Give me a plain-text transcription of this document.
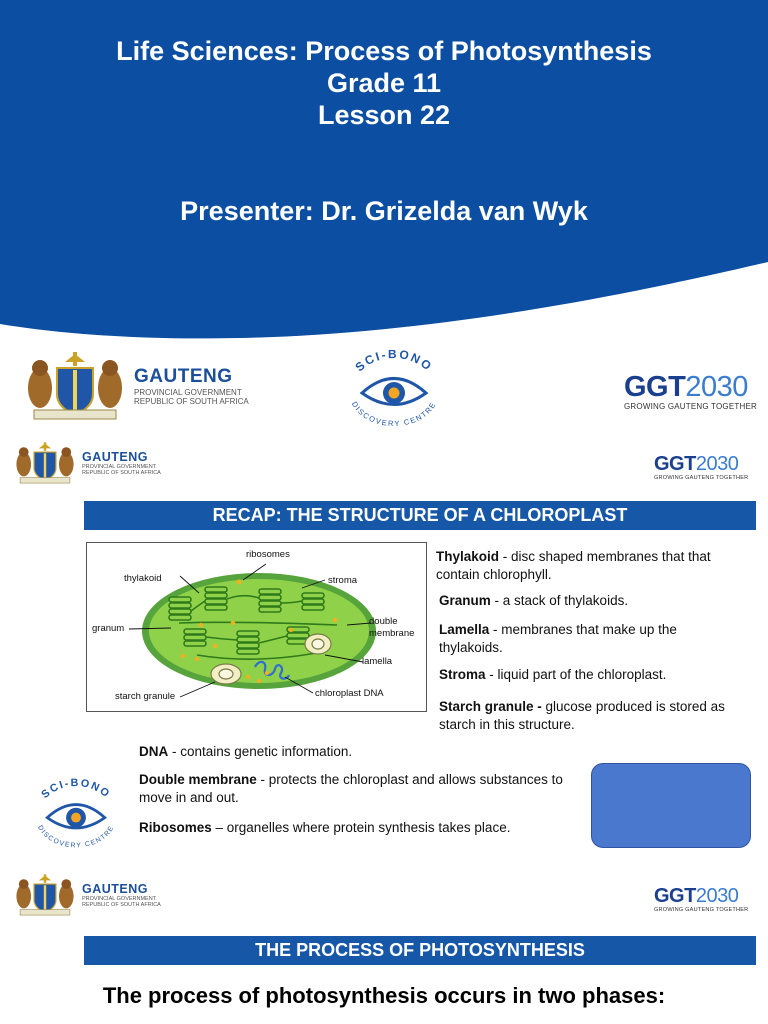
Life Sciences: Process of Photosynthesis
Grade 11
Lesson 22
Presenter: Dr. Grizelda van Wyk
GAUTENG
PROVINCIAL GOVERNMENT
REPUBLIC OF SOUTH AFRICA
SCI-BONO
DISCOVERY CENTRE
GGT2030
GROWING GAUTENG TOGETHER
GAUTENG
PROVINCIAL GOVERNMENT
REPUBLIC OF SOUTH AFRICA	GGT2030
GROWING GAUTENG TOGETHER
RECAP: THE STRUCTURE OF A CHLOROPLAST
ribosomes
thylakoid	stroma
granum
double
membrane
lamella
starch granule	chloroplast DNA
Thylakoid - disc shaped membranes that that contain chlorophyll.
Granum - a stack of thylakoids.
Lamella - membranes that make up the thylakoids.
Stroma - liquid part of the chloroplast.
Starch granule - glucose produced is stored as starch in this structure.
DNA - contains genetic information.
Double membrane - protects the chloroplast and allows substances to move in and out.
Ribosomes – organelles where protein synthesis takes place.
SCI-BONO
DISCOVERY CENTRE
GAUTENG
PROVINCIAL GOVERNMENT
REPUBLIC OF SOUTH AFRICA	GGT2030
GROWING GAUTENG TOGETHER
THE PROCESS OF PHOTOSYNTHESIS
The process of photosynthesis occurs in two phases:
